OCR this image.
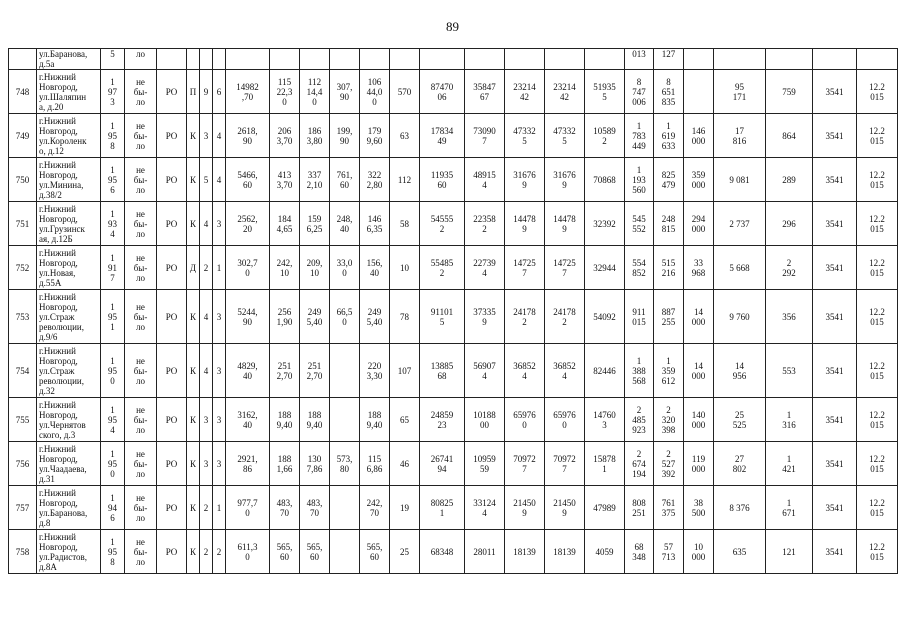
89
	ул.Баранова,
д.5а	5	ло																013	127					
748	г.Нижний
Новгород,
ул.Шаляпин
а, д.20	1
97
3	не
бы-
ло	РО	П	9	6	14982
,70	115
22,3
0	112
14,4
0	307,
90	106
44,0
0	570	87470
06	35847
67	23214
42	23214
42	51935
5	8
747
006	8
651
835		95
171	759	3541	12.2
015
749	г.Нижний
Новгород,
ул.Короленк
о, д.12	1
95
8	не
бы-
ло	РО	К	3	4	2618,
90	206
3,70	186
3,80	199,
90	179
9,60	63	17834
49	73090
7	47332
5	47332
5	10589
2	1
783
449	1
619
633	146
000	17
816	864	3541	12.2
015
750	г.Нижний
Новгород,
ул.Минина,
д.38/2	1
95
6	не
бы-
ло	РО	К	5	4	5466,
60	413
3,70	337
2,10	761,
60	322
2,80	112	11935
60	48915
4	31676
9	31676
9	70868	1
193
560	825
479	359
000	9 081	289	3541	12.2
015
751	г.Нижний
Новгород,
ул.Грузинск
ая, д.12Б	1
93
4	не
бы-
ло	РО	К	4	3	2562,
20	184
4,65	159
6,25	248,
40	146
6,35	58	54555
2	22358
2	14478
9	14478
9	32392	545
552	248
815	294
000	2 737	296	3541	12.2
015
752	г.Нижний
Новгород,
ул.Новая,
д.55А	1
91
7	не
бы-
ло	РО	Д	2	1	302,7
0	242,
10	209,
10	33,0
0	156,
40	10	55485
2	22739
4	14725
7	14725
7	32944	554
852	515
216	33
968	5 668	2
292	3541	12.2
015
753	г.Нижний
Новгород,
ул.Страж
революции,
д.9/6	1
95
1	не
бы-
ло	РО	К	4	3	5244,
90	256
1,90	249
5,40	66,5
0	249
5,40	78	91101
5	37335
9	24178
2	24178
2	54092	911
015	887
255	14
000	9 760	356	3541	12.2
015
754	г.Нижний
Новгород,
ул.Страж
революции,
д.32	1
95
0	не
бы-
ло	РО	К	4	3	4829,
40	251
2,70	251
2,70		220
3,30	107	13885
68	56907
4	36852
4	36852
4	82446	1
388
568	1
359
612	14
000	14
956	553	3541	12.2
015
755	г.Нижний
Новгород,
ул.Чернятов
ского, д.3	1
95
4	не
бы-
ло	РО	К	3	3	3162,
40	188
9,40	188
9,40		188
9,40	65	24859
23	10188
00	65976
0	65976
0	14760
3	2
485
923	2
320
398	140
000	25
525	1
316	3541	12.2
015
756	г.Нижний
Новгород,
ул.Чаадаева,
д.31	1
95
0	не
бы-
ло	РО	К	3	3	2921,
86	188
1,66	130
7,86	573,
80	115
6,86	46	26741
94	10959
59	70972
7	70972
7	15878
1	2
674
194	2
527
392	119
000	27
802	1
421	3541	12.2
015
757	г.Нижний
Новгород,
ул.Баранова,
д.8	1
94
6	не
бы-
ло	РО	К	2	1	977,7
0	483,
70	483,
70		242,
70	19	80825
1	33124
4	21450
9	21450
9	47989	808
251	761
375	38
500	8 376	1
671	3541	12.2
015
758	г.Нижний
Новгород,
ул.Радистов,
д.8А	1
95
8	не
бы-
ло	РО	К	2	2	611,3
0	565,
60	565,
60		565,
60	25	68348	28011	18139	18139	4059	68
348	57
713	10
000	635	121	3541	12.2
015
